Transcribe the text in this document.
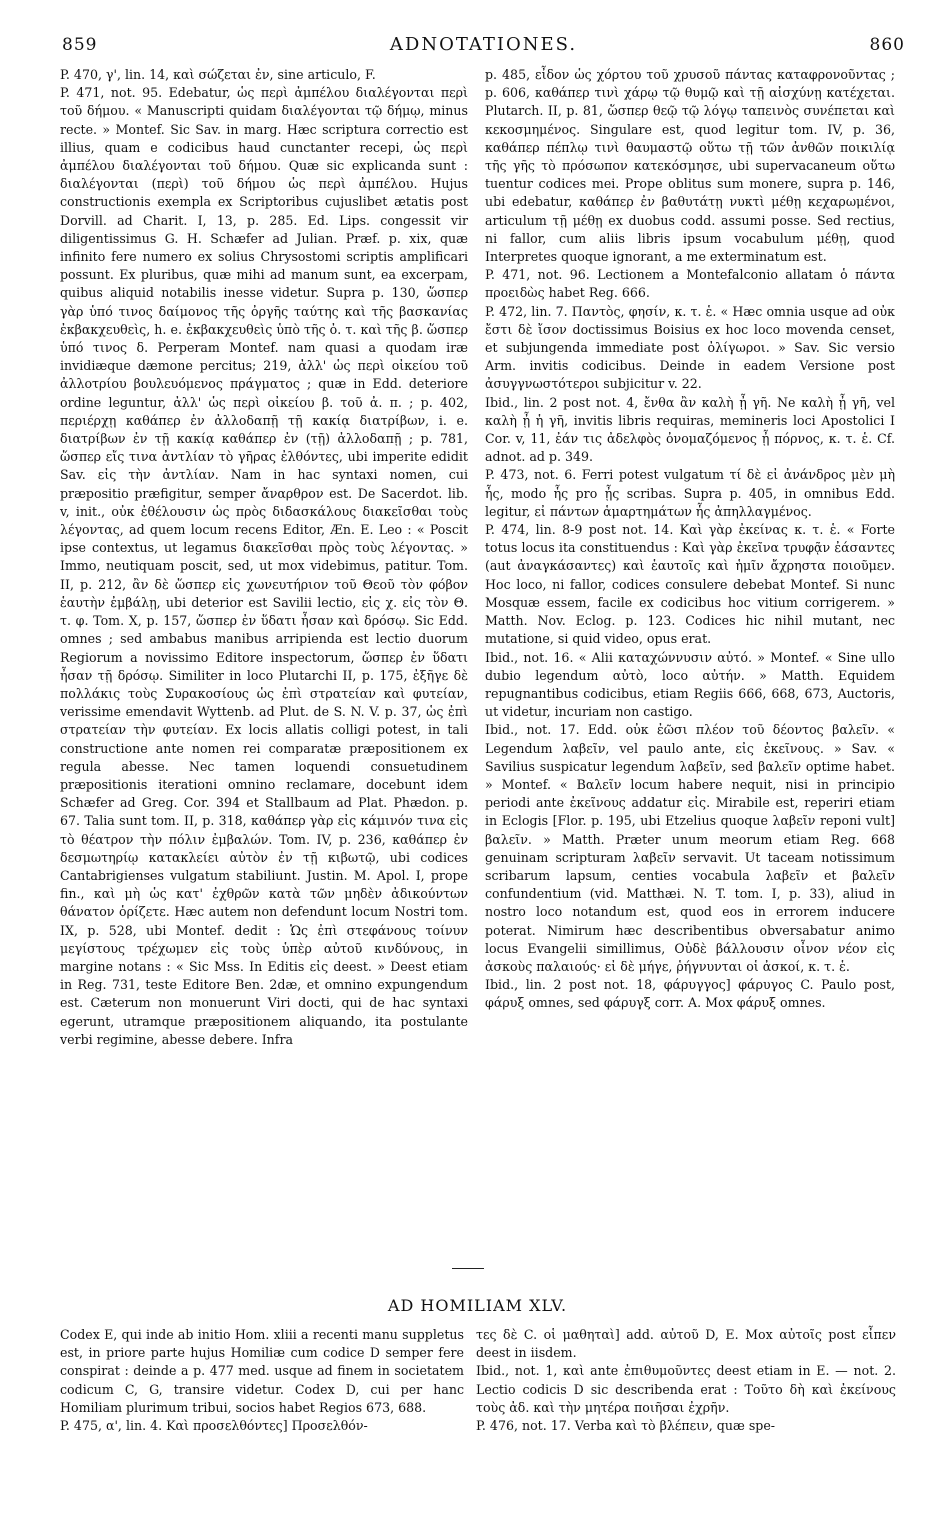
859	ADNOTATIONES.	860

P. 470, γ', lin. 14, καὶ σώζεται ἐν, sine articulo, F.

P. 471, not. 95. Edebatur, ὡς περὶ ἀμπέλου διαλέγονται περὶ τοῦ δήμου. « Manuscripti quidam διαλέγονται τῷ δήμῳ, minus recte. » Montef. Sic Sav. in marg. Hæc scriptura correctio est illius, quam e codicibus haud cunctanter recepi, ὡς περὶ ἀμπέλου διαλέγονται τοῦ δήμου. Quæ sic explicanda sunt : διαλέγονται (περὶ) τοῦ δήμου ὡς περὶ ἀμπέλου. Hujus constructionis exempla ex Scriptoribus cujuslibet ætatis post Dorvill. ad Charit. I, 13, p. 285. Ed. Lips. congessit vir diligentissimus G. H. Schæfer ad Julian. Præf. p. xix, quæ infinito fere numero ex solius Chrysostomi scriptis amplificari possunt. Ex pluribus, quæ mihi ad manum sunt, ea excerpam, quibus aliquid notabilis inesse videtur. Supra p. 130, ὥσπερ γὰρ ὑπό τινος δαίμονος τῆς ὀργῆς ταύτης καὶ τῆς βασκανίας ἐκβακχευθεὶς, h. e. ἐκβακχευθεὶς ὑπὸ τῆς ὀ. τ. καὶ τῆς β. ὥσπερ ὑπό τινος δ. Perperam Montef. nam quasi a quodam iræ invidiæque dæmone percitus; 219, ἀλλ' ὡς περὶ οἰκείου τοῦ ἀλλοτρίου βουλευόμενος πράγματος ; quæ in Edd. deteriore ordine leguntur, ἀλλ' ὡς περὶ οἰκείου β. τοῦ ἀ. π. ; p. 402, περιέρχῃ καθάπερ ἐν ἀλλοδαπῇ τῇ κακίᾳ διατρίβων, i. e. διατρίβων ἐν τῇ κακίᾳ καθάπερ ἐν (τῇ) ἀλλοδαπῇ ; p. 781, ὥσπερ εἴς τινα ἀντλίαν τὸ γῆρας ἐλθόντες, ubi imperite edidit Sav. εἰς τὴν ἀντλίαν. Nam in hac syntaxi nomen, cui præpositio præfigitur, semper ἄναρθρον est. De Sacerdot. lib. v, init., οὐκ ἐθέλουσιν ὡς πρὸς διδασκάλους διακεῖσθαι τοὺς λέγοντας, ad quem locum recens Editor, Æn. E. Leo : « Poscit ipse contextus, ut legamus διακεῖσθαι πρὸς τοὺς λέγοντας. » Immo, neutiquam poscit, sed, ut mox videbimus, patitur. Tom. II, p. 212, ἂν δὲ ὥσπερ εἰς χωνευτήριον τοῦ Θεοῦ τὸν φόβον ἑαυτὴν ἐμβάλῃ, ubi deterior est Savilii lectio, εἰς χ. εἰς τὸν Θ. τ. φ. Tom. X, p. 157, ὥσπερ ἐν ὕδατι ἦσαν καὶ δρόσῳ. Sic Edd. omnes ; sed ambabus manibus arripienda est lectio duorum Regiorum a novissimo Editore inspectorum, ὥσπερ ἐν ὕδατι ἦσαν τῇ δρόσῳ. Similiter in loco Plutarchi II, p. 175, ἐξῆγε δὲ πολλάκις τοὺς Συρακοσίους ὡς ἐπὶ στρατείαν καὶ φυτείαν, verissime emendavit Wyttenb. ad Plut. de S. N. V. p. 37, ὡς ἐπὶ στρατείαν τὴν φυτείαν. Ex locis allatis colligi potest, in tali constructione ante nomen rei comparatæ præpositionem ex regula abesse. Nec tamen loquendi consuetudinem præpositionis iterationi omnino reclamare, docebunt idem Schæfer ad Greg. Cor. 394 et Stallbaum ad Plat. Phædon. p. 67. Talia sunt tom. II, p. 318, καθάπερ γὰρ εἰς κάμινόν τινα εἰς τὸ θέατρον τὴν πόλιν ἐμβαλών. Tom. IV, p. 236, καθάπερ ἐν δεσμωτηρίῳ κατακλείει αὐτὸν ἐν τῇ κιβωτῷ, ubi codices Cantabrigienses vulgatum stabiliunt. Justin. M. Apol. I, prope fin., καὶ μὴ ὡς κατ' ἐχθρῶν κατὰ τῶν μηδὲν ἀδικούντων θάνατον ὁρίζετε. Hæc autem non defendunt locum Nostri tom. IX, p. 528, ubi Montef. dedit : Ὡς ἐπὶ στεφάνους τοίνυν μεγίστους τρέχωμεν εἰς τοὺς ὑπὲρ αὐτοῦ κινδύνους, in margine notans : « Sic Mss. In Editis εἰς deest. » Deest etiam in Reg. 731, teste Editore Ben. 2dæ, et omnino expungendum est. Cæterum non monuerunt Viri docti, qui de hac syntaxi egerunt, utramque præpositionem aliquando, ita postulante verbi regimine, abesse debere. Infra

p. 485, εἶδον ὡς χόρτου τοῦ χρυσοῦ πάντας καταφρονοῦντας ; p. 606, καθάπερ τινὶ χάρῳ τῷ θυμῷ καὶ τῇ αἰσχύνῃ κατέχεται. Plutarch. II, p. 81, ὥσπερ θεῷ τῷ λόγῳ ταπεινὸς συνέπεται καὶ κεκοσμημένος. Singulare est, quod legitur tom. IV, p. 36, καθάπερ πέπλῳ τινὶ θαυμαστῷ οὕτω τῇ τῶν ἀνθῶν ποικιλίᾳ τῆς γῆς τὸ πρόσωπον κατεκόσμησε, ubi supervacaneum οὕτω tuentur codices mei. Prope oblitus sum monere, supra p. 146, ubi edebatur, καθάπερ ἐν βαθυτάτῃ νυκτὶ μέθῃ κεχαρωμένοι, articulum τῇ μέθῃ ex duobus codd. assumi posse. Sed rectius, ni fallor, cum aliis libris ipsum vocabulum μέθῃ, quod Interpretes quoque ignorant, a me exterminatum est.

P. 471, not. 96. Lectionem a Montefalconio allatam ὁ πάντα προειδὼς habet Reg. 666.

P. 472, lin. 7. Παντὸς, φησίν, κ. τ. ἑ. « Hæc omnia usque ad οὐκ ἔστι δὲ ἴσον doctissimus Boisius ex hoc loco movenda censet, et subjungenda immediate post ὀλίγωροι. » Sav. Sic versio Arm. invitis codicibus. Deinde in eadem Versione post ἀσυγγνωστότεροι subjicitur v. 22.

Ibid., lin. 2 post not. 4, ἔνθα ἂν καλὴ ᾖ γῆ. Ne καλὴ ᾖ γῆ, vel καλὴ ᾖ ἡ γῆ, invitis libris requiras, memineris loci Apostolici I Cor. v, 11, ἐάν τις ἀδελφὸς ὀνομαζόμενος ᾖ πόρνος, κ. τ. ἑ. Cf. adnot. ad p. 349.

P. 473, not. 6. Ferri potest vulgatum τί δὲ εἰ ἀνάνδρος μὲν μὴ ἧς, modo ἧς pro ᾖς scribas. Supra p. 405, in omnibus Edd. legitur, εἰ πάντων ἁμαρτημάτων ἧς ἀπηλλαγμένος.

P. 474, lin. 8-9 post not. 14. Καὶ γὰρ ἐκείνας κ. τ. ἑ. « Forte totus locus ita constituendus : Καὶ γὰρ ἐκεῖνα τρυφᾷν ἐάσαντες (aut ἀναγκάσαντες) καὶ ἑαυτοῖς καὶ ἡμῖν ἄχρηστα ποιοῦμεν. Hoc loco, ni fallor, codices consulere debebat Montef. Si nunc Mosquæ essem, facile ex codicibus hoc vitium corrigerem. » Matth. Nov. Eclog. p. 123. Codices hic nihil mutant, nec mutatione, si quid video, opus erat.

Ibid., not. 16. « Alii καταχώννυσιν αὐτό. » Montef. « Sine ullo dubio legendum αὐτὸ, loco αὐτήν. » Matth. Equidem repugnantibus codicibus, etiam Regiis 666, 668, 673, Auctoris, ut videtur, incuriam non castigo.

Ibid., not. 17. Edd. οὐκ ἐῶσι πλέον τοῦ δέοντος βαλεῖν. « Legendum λαβεῖν, vel paulo ante, εἰς ἐκεῖνους. » Sav. « Savilius suspicatur legendum λαβεῖν, sed βαλεῖν optime habet. » Montef. « Βαλεῖν locum habere nequit, nisi in principio periodi ante ἐκεῖνους addatur εἰς. Mirabile est, reperiri etiam in Eclogis [Flor. p. 195, ubi Etzelius quoque λαβεῖν reponi vult] βαλεῖν. » Matth. Præter unum meorum etiam Reg. 668 genuinam scripturam λαβεῖν servavit. Ut taceam notissimum scribarum lapsum, centies vocabula λαβεῖν et βαλεῖν confundentium (vid. Matthæi. N. T. tom. I, p. 33), aliud in nostro loco notandum est, quod eos in errorem inducere poterat. Nimirum hæc describentibus obversabatur animo locus Evangelii simillimus, Οὐδὲ βάλλουσιν οἶνον νέον εἰς ἀσκοὺς παλαιούς· εἰ δὲ μήγε, ῥήγνυνται οἱ ἀσκοί, κ. τ. ἑ.

Ibid., lin. 2 post not. 18, φάρυγγος] φάρυγος C. Paulo post, φάρυξ omnes, sed φάρυγξ corr. A. Mox φάρυξ omnes.

AD HOMILIAM XLV.

Codex E, qui inde ab initio Hom. xliii a recenti manu suppletus est, in priore parte hujus Homiliæ cum codice D semper fere conspirat : deinde a p. 477 med. usque ad finem in societatem codicum C, G, transire videtur. Codex D, cui per hanc Homiliam plurimum tribui, socios habet Regios 673, 688.

P. 475, α', lin. 4. Καὶ προσελθόντες] Προσελθόν-

τες δὲ C. οἱ μαθηταὶ] add. αὐτοῦ D, E. Mox αὐτοῖς post εἶπεν deest in iisdem.

Ibid., not. 1, καὶ ante ἐπιθυμοῦντες deest etiam in E. — not. 2. Lectio codicis D sic describenda erat : Τοῦτο δὴ καὶ ἐκείνους τοὺς ἀδ. καὶ τὴν μητέρα ποιῆσαι ἐχρῆν.

P. 476, not. 17. Verba καὶ τὸ βλέπειν, quæ spe-
